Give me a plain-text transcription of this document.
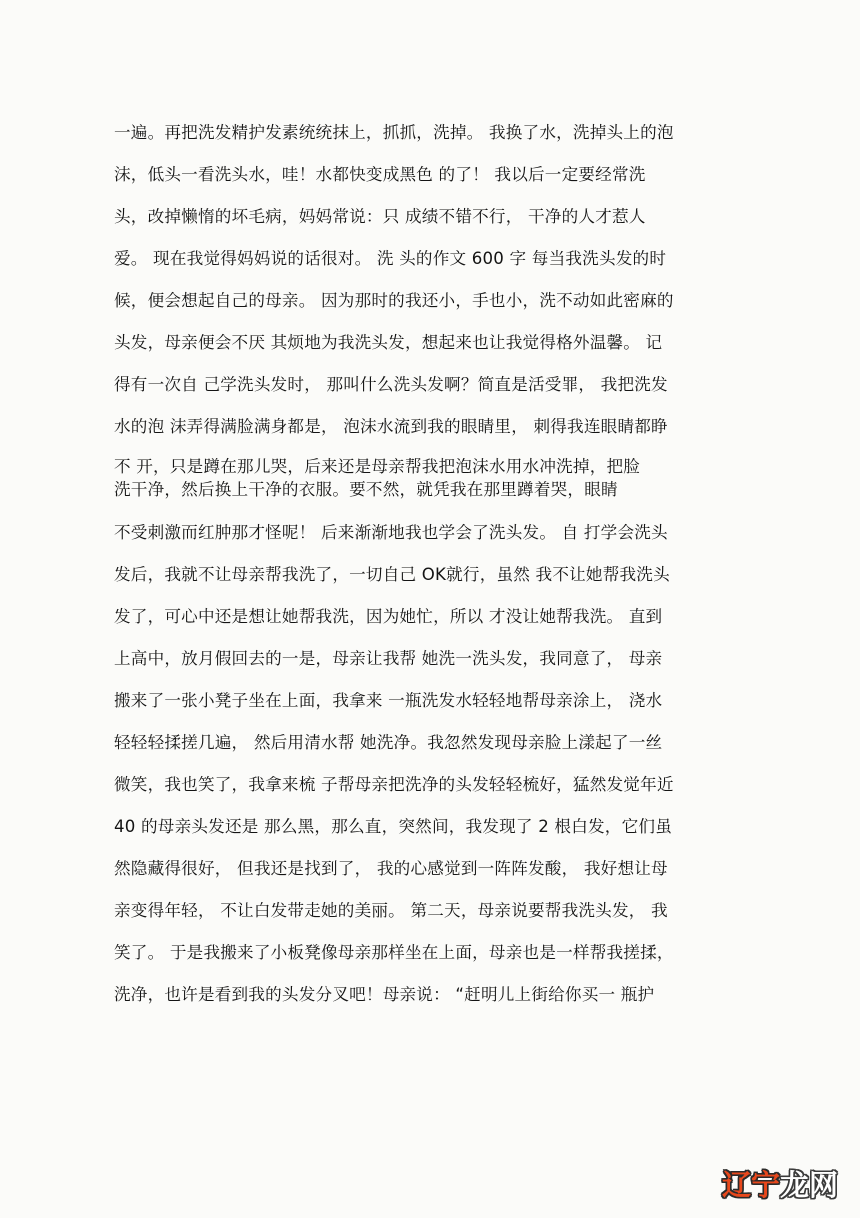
一遍。再把洗发精护发素统统抹上，抓抓，洗掉。 我换了水，洗掉头上的泡
沫，低头一看洗头水，哇！水都快变成黑色 的了！ 我以后一定要经常洗
头，改掉懒惰的坏毛病，妈妈常说：只 成绩不错不行， 干净的人才惹人
爱。 现在我觉得妈妈说的话很对。 洗 头的作文 600 字 每当我洗头发的时
候，便会想起自己的母亲。 因为那时的我还小，手也小，洗不动如此密麻的
头发，母亲便会不厌 其烦地为我洗头发，想起来也让我觉得格外温馨。 记
得有一次自 己学洗头发时， 那叫什么洗头发啊？简直是活受罪， 我把洗发
水的泡 沫弄得满脸满身都是， 泡沫水流到我的眼睛里， 刺得我连眼睛都睁
不 开，只是蹲在那儿哭，后来还是母亲帮我把泡沫水用水冲洗掉，把脸
洗干净，然后换上干净的衣服。要不然，就凭我在那里蹲着哭，眼睛
不受刺激而红肿那才怪呢！ 后来渐渐地我也学会了洗头发。 自 打学会洗头
发后，我就不让母亲帮我洗了，一切自己 OK就行，虽然 我不让她帮我洗头
发了，可心中还是想让她帮我洗，因为她忙，所以 才没让她帮我洗。 直到
上高中，放月假回去的一是，母亲让我帮 她洗一洗头发，我同意了， 母亲
搬来了一张小凳子坐在上面，我拿来 一瓶洗发水轻轻地帮母亲涂上， 浇水
轻轻轻揉搓几遍， 然后用清水帮 她洗净。我忽然发现母亲脸上漾起了一丝
微笑，我也笑了，我拿来梳 子帮母亲把洗净的头发轻轻梳好，猛然发觉年近
40 的母亲头发还是 那么黑，那么直，突然间，我发现了 2 根白发，它们虽
然隐藏得很好， 但我还是找到了， 我的心感觉到一阵阵发酸， 我好想让母
亲变得年轻， 不让白发带走她的美丽。 第二天，母亲说要帮我洗头发， 我
笑了。 于是我搬来了小板凳像母亲那样坐在上面，母亲也是一样帮我搓揉，
洗净，也许是看到我的头发分叉吧！母亲说： “赶明儿上街给你买一 瓶护
辽宁龙网
